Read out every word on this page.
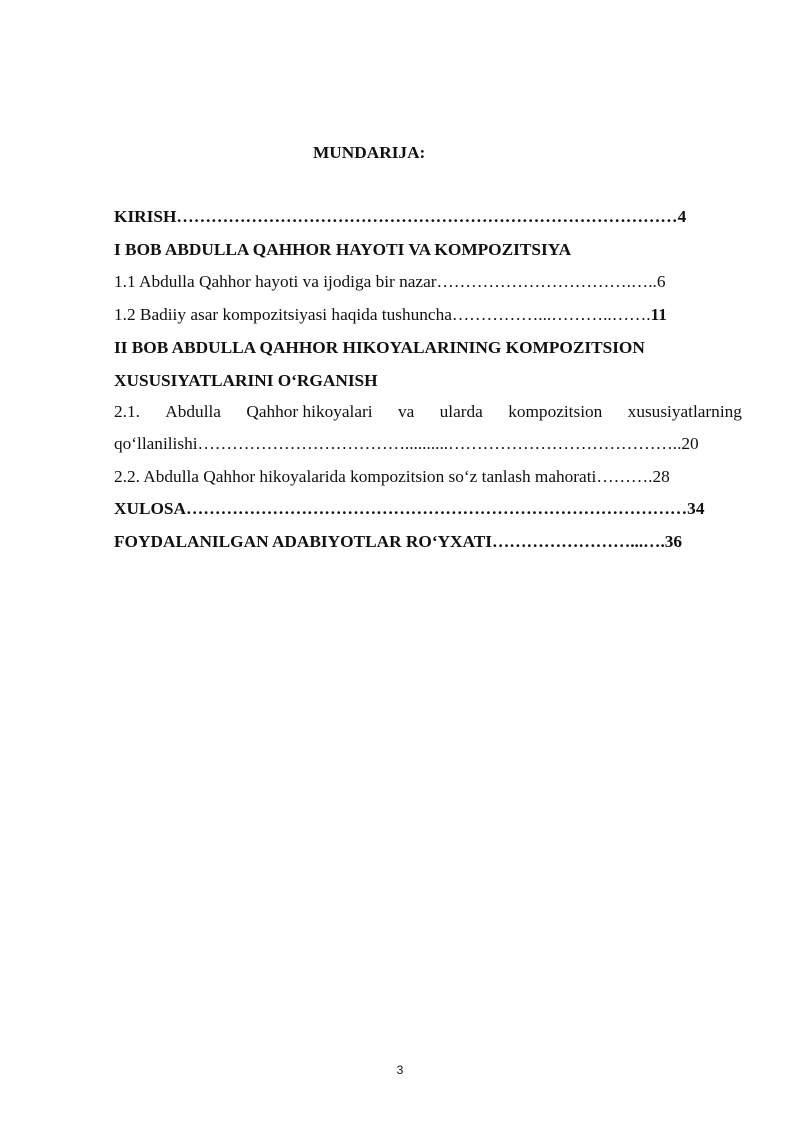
MUNDARIJA:
KIRISH……………………………………………………………………………4
I BOB ABDULLA QAHHOR HAYOTI VA KOMPOZITSIYA
1.1 Abdulla Qahhor hayoti va ijodiga bir nazar…………………………….…..6
1.2 Badiiy asar kompozitsiyasi haqida tushuncha……………...………..…….11
II BOB ABDULLA QAHHOR HIKOYALARINING KOMPOZITSION
XUSUSIYATLARINI O‘RGANISH
2.1. Abdulla Qahhor hikoyalari va ularda kompozitsion xususiyatlarning
qo‘llanilishi………………………………..........…………………………………..20
2.2. Abdulla Qahhor hikoyalarida kompozitsion so‘z tanlash mahorati……….28
XULOSA……………………………………………………………………………34
FOYDALANILGAN ADABIYOTLAR RO‘YXATI……………………...….36
3
